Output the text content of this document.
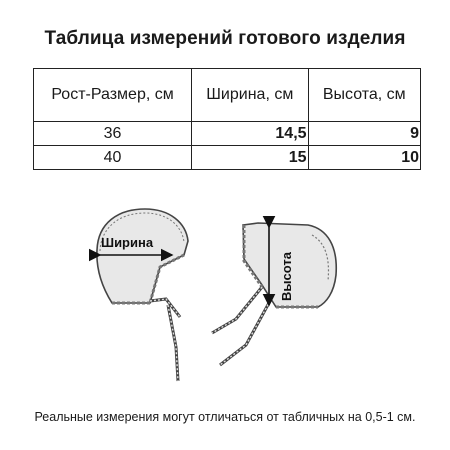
Таблица измерений готового изделия
Рост-Размер, см	Ширина, см	Высота, см
36	14,5	9
40	15	10
Ширина
Высота
Реальные измерения могут отличаться от табличных на 0,5-1 см.
